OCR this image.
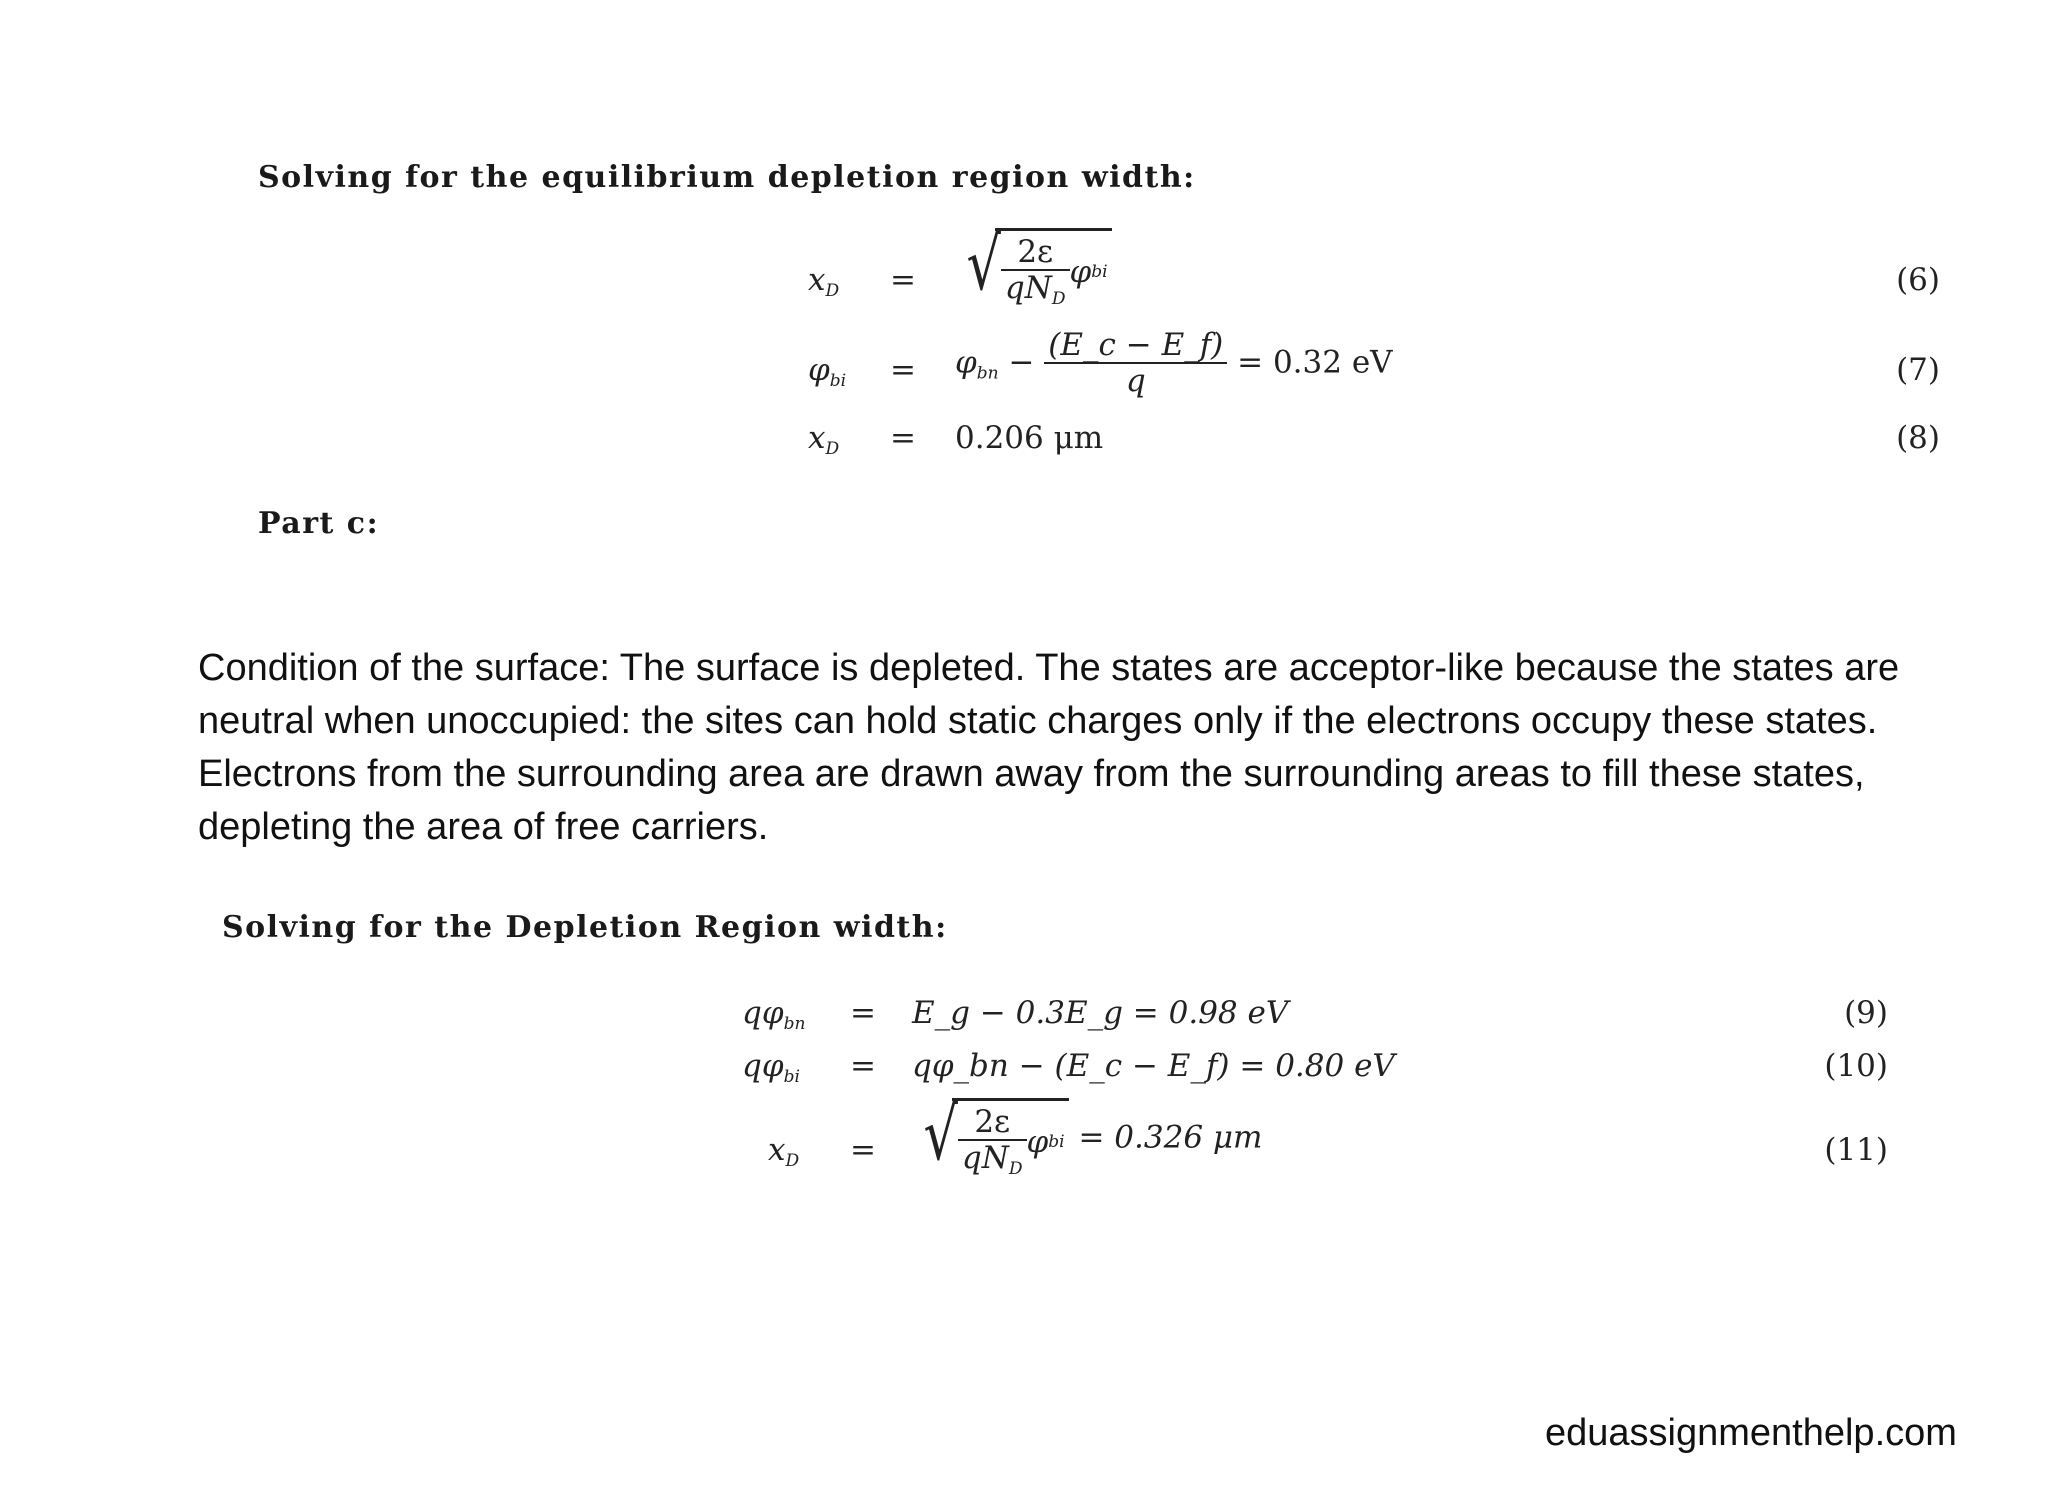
Solving for the equilibrium depletion region width:
$x_D$ = √ $\frac{2\varepsilon}{qN_D}$ φ bi	(6)
$\varphi_{bi} = \varphi_{bn} - \frac{(E\_c - E\_f)}{q} = 0.32$ eV	(7)
$x_D = 0.206$ μm	(8)
Part c:
Condition of the surface: The surface is depleted. The states are acceptor-like because the states are neutral when unoccupied: the sites can hold static charges only if the electrons occupy these states. Electrons from the surrounding area are drawn away from the surrounding areas to fill these states, depleting the area of free carriers.
Solving for the Depletion Region width:
$q\varphi_{bn}$ = E_g − 0.3E_g = 0.98 eV	(9)
$q\varphi_{bi}$ = qφ_bn − (E_c − E_f) = 0.80 eV	(10)
$x_D$ = √ $\frac{2\varepsilon}{qN_D}$ φ bi = 0.326 μm	(11)
eduassignmenthelp.com
